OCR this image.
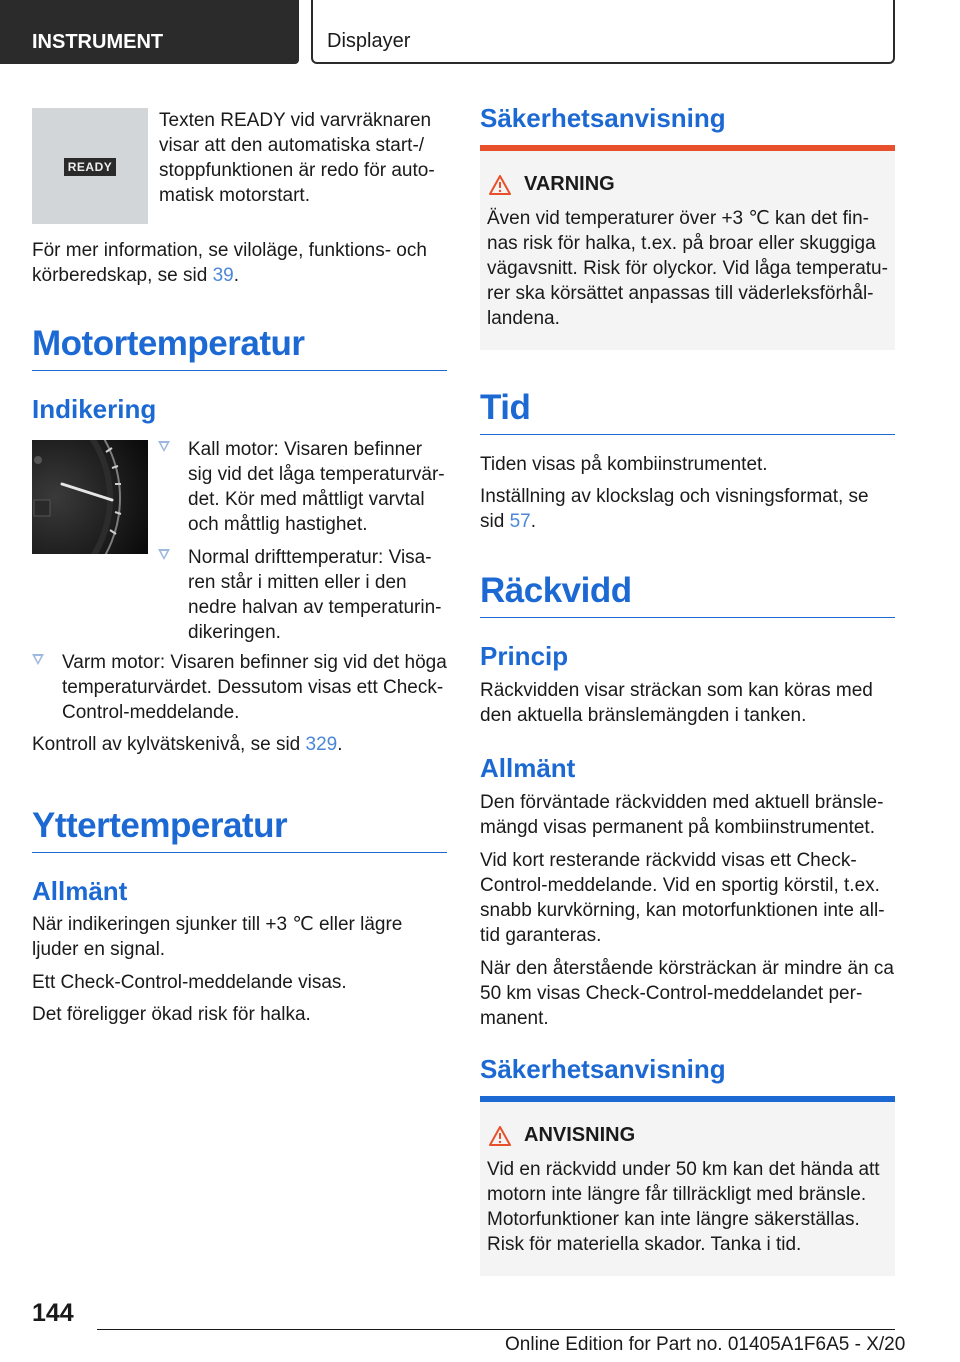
INSTRUMENT	Displayer
READY

Texten READY vid varvräknaren visar att den automatiska start-/ stoppfunktionen är redo för automatisk motorstart.

För mer information, se viloläge, funktions- och körberedskap, se sid 39.

Motortemperatur
Indikering
Kall motor: Visaren befinner sig vid det låga temperaturvärdet. Kör med måttligt varvtal och måttlig hastighet.
Normal drifttemperatur: Visaren står i mitten eller i den nedre halvan av temperaturindikeringen.
Varm motor: Visaren befinner sig vid det höga temperaturvärdet. Dessutom visas ett Check-Control-meddelande.

Kontroll av kylvätskenivå, se sid 329.

Yttertemperatur
Allmänt

När indikeringen sjunker till +3 ℃ eller lägre ljuder en signal.

Ett Check-Control-meddelande visas.

Det föreligger ökad risk för halka.

Säkerhetsanvisning
VARNING

Även vid temperaturer över +3 ℃ kan det finnas risk för halka, t.ex. på broar eller skuggiga vägavsnitt. Risk för olyckor. Vid låga temperaturer ska körsättet anpassas till väderleksförhållandena.

Tid

Tiden visas på kombiinstrumentet.

Inställning av klockslag och visningsformat, se sid 57.

Räckvidd
Princip

Räckvidden visar sträckan som kan köras med den aktuella bränslemängden i tanken.

Allmänt

Den förväntade räckvidden med aktuell bränslemängd visas permanent på kombiinstrumentet.

Vid kort resterande räckvidd visas ett Check-Control-meddelande. Vid en sportig körstil, t.ex. snabb kurvkörning, kan motorfunktionen inte alltid garanteras.

När den återstående körsträckan är mindre än ca 50 km visas Check-Control-meddelandet permanent.

Säkerhetsanvisning
ANVISNING

Vid en räckvidd under 50 km kan det hända att motorn inte längre får tillräckligt med bränsle. Motorfunktioner kan inte längre säkerställas. Risk för materiella skador. Tanka i tid.

144
Online Edition for Part no. 01405A1F6A5 - X/20
